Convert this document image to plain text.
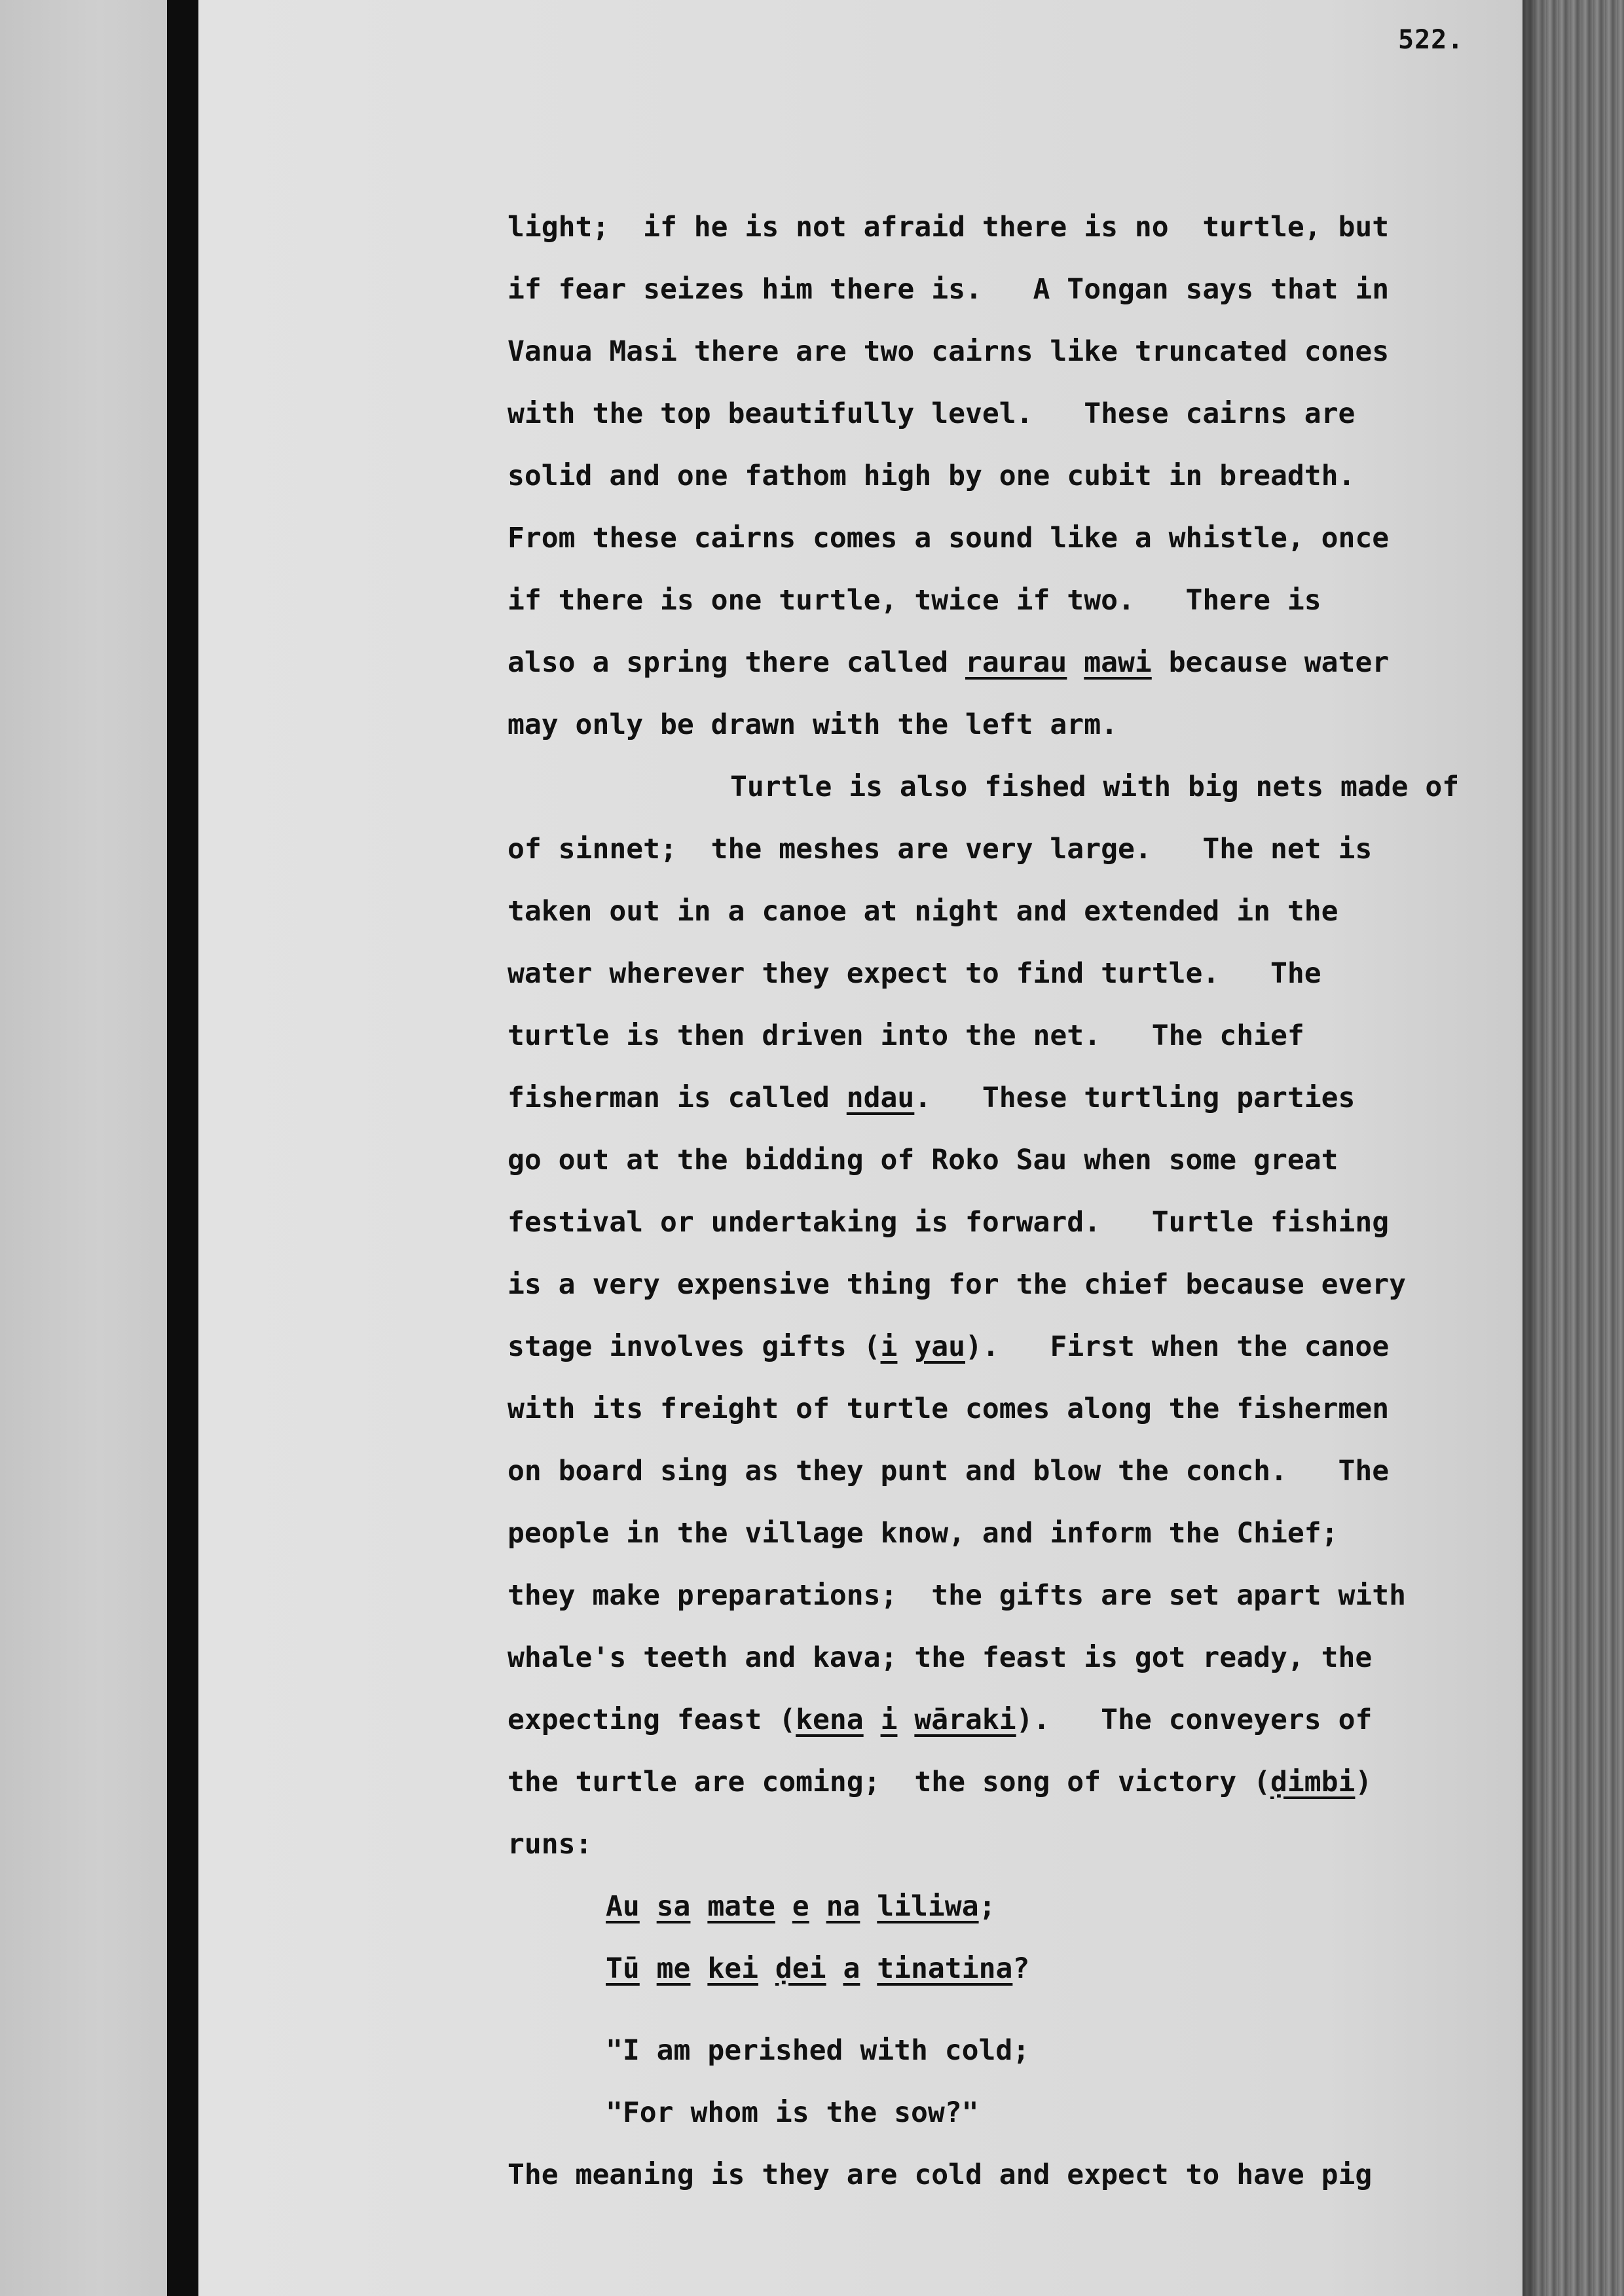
522.
light;  if he is not afraid there is no  turtle, but
if fear seizes him there is.   A Tongan says that in
Vanua Masi there are two cairns like truncated cones
with the top beautifully level.   These cairns are
solid and one fathom high by one cubit in breadth.
From these cairns comes a sound like a whistle, once
if there is one turtle, twice if two.   There is
also a spring there called raurau mawi because water
may only be drawn with the left arm.
Turtle is also fished with big nets made of
of sinnet;  the meshes are very large.   The net is
taken out in a canoe at night and extended in the
water wherever they expect to find turtle.   The
turtle is then driven into the net.   The chief
fisherman is called ndau.   These turtling parties
go out at the bidding of Roko Sau when some great
festival or undertaking is forward.   Turtle fishing
is a very expensive thing for the chief because every
stage involves gifts (i yau).   First when the canoe
with its freight of turtle comes along the fishermen
on board sing as they punt and blow the conch.   The
people in the village know, and inform the Chief;
they make preparations;  the gifts are set apart with
whale's teeth and kava; the feast is got ready, the
expecting feast (kena i wāraki).   The conveyers of
the turtle are coming;  the song of victory (ḍimbi)
runs:
Au sa mate e na liliwa;
Tū me kei ḍei a tinatina?
"I am perished with cold;
"For whom is the sow?"
The meaning is they are cold and expect to have pig
